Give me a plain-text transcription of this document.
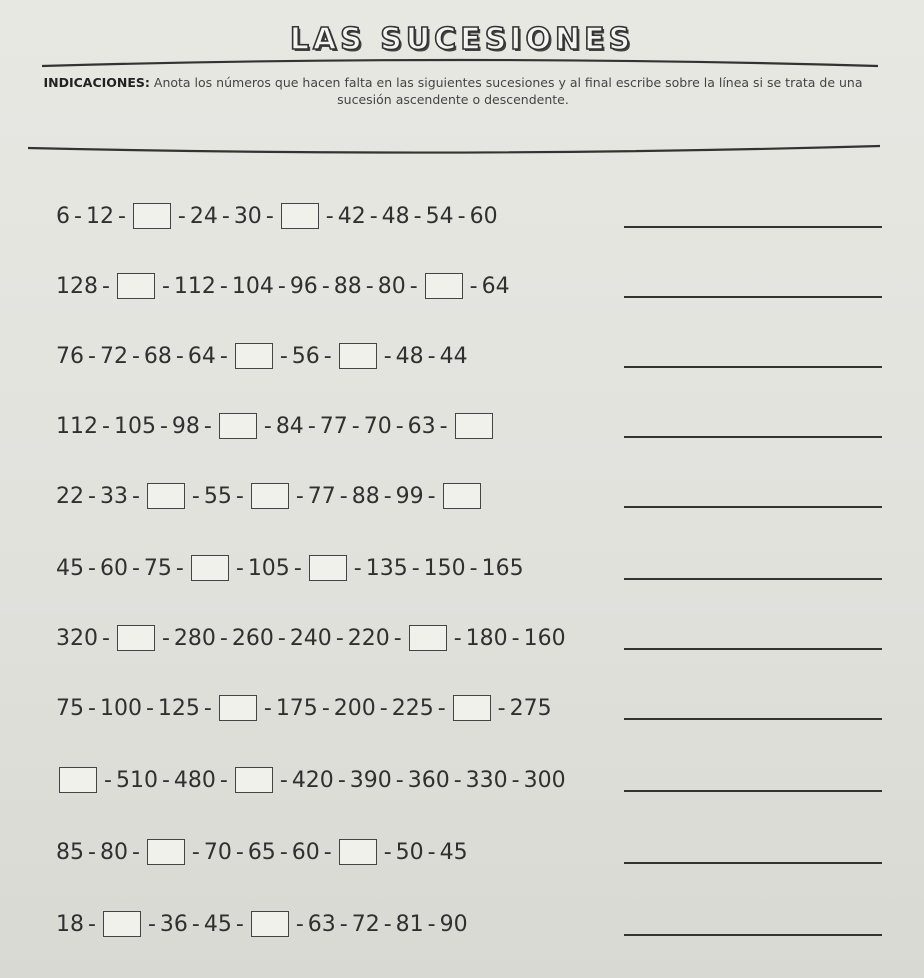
LAS SUCESIONES
INDICACIONES: Anota los números que hacen falta en las siguientes sucesiones y al final escribe sobre la línea si se trata de una sucesión ascendente o descendente.
6 - 12 - - 24 - 30 - - 42 - 48 - 54 - 60
128 - - 112 - 104 - 96 - 88 - 80 - - 64
76 - 72 - 68 - 64 - - 56 - - 48 - 44
112 - 105 - 98 - - 84 - 77 - 70 - 63 -
22 - 33 - - 55 - - 77 - 88 - 99 -
45 - 60 - 75 - - 105 - - 135 - 150 - 165
320 - - 280 - 260 - 240 - 220 - - 180 - 160
75 - 100 - 125 - - 175 - 200 - 225 - - 275
- 510 - 480 - - 420 - 390 - 360 - 330 - 300
85 - 80 - - 70 - 65 - 60 - - 50 - 45
18 - - 36 - 45 - - 63 - 72 - 81 - 90
